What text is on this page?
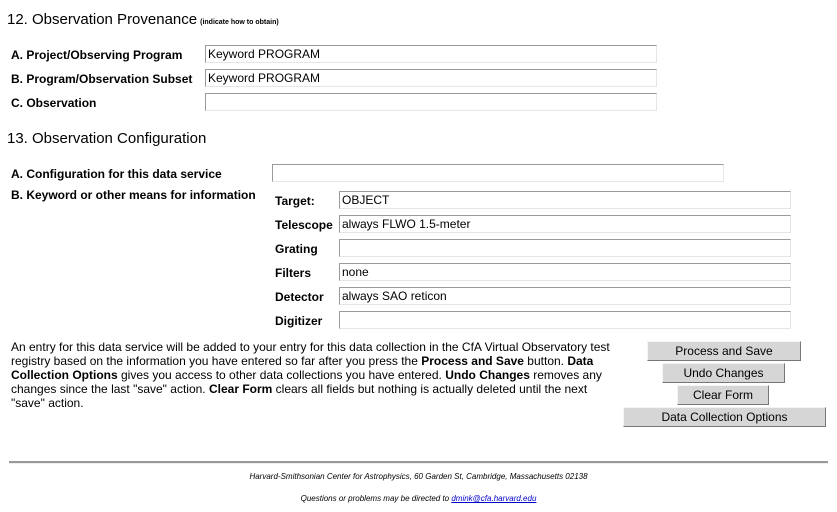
12. Observation Provenance (indicate how to obtain)
A. Project/Observing Program Keyword PROGRAM
B. Program/Observation Subset Keyword PROGRAM
C. Observation
13. Observation Configuration
A. Configuration for this data service
B. Keyword or other means for information Target: OBJECT
Telescope always FLWO 1.5-meter
Grating
Filters	none
Detector always SAO reticon
Digitizer
An entry for this data service will be added to your entry for this data collection in the CfA Virtual Observatory test registry based on the information you have entered so far after you press the Process and Save button. Data Collection Options gives you access to other data collections you have entered. Undo Changes removes any changes since the last "save" action. Clear Form clears all fields but nothing is actually deleted until the next "save" action.
Process and Save
Undo Changes
Clear Form
Data Collection Options
Harvard-Smithsonian Center for Astrophysics, 60 Garden St, Cambridge, Massachusetts 02138
Questions or problems may be directed to dmink@cfa.harvard.edu
